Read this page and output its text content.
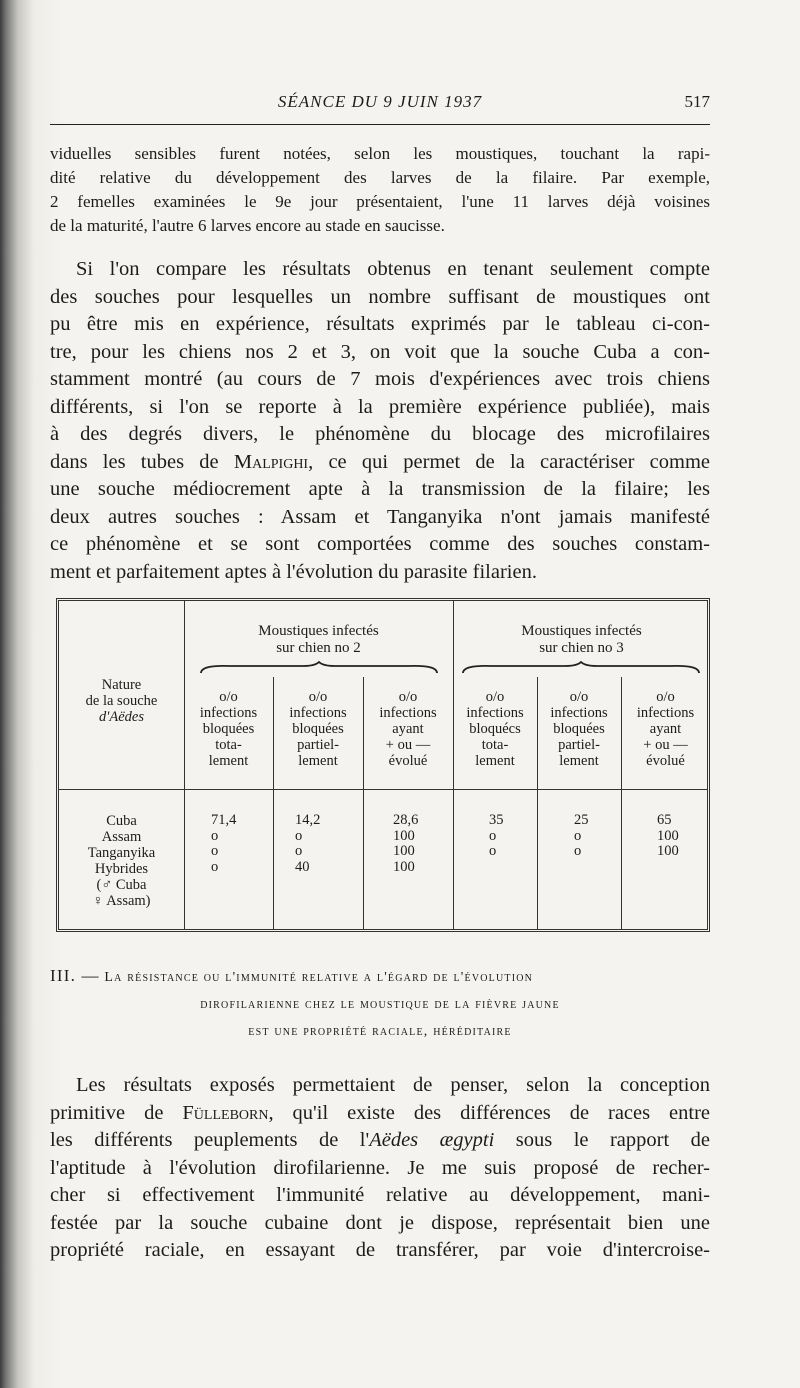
SÉANCE DU 9 JUIN 1937	517
viduelles sensibles furent notées, selon les moustiques, touchant la rapi-
dité relative du développement des larves de la filaire. Par exemple,
2 femelles examinées le 9e jour présentaient, l'une 11 larves déjà voisines
de la maturité, l'autre 6 larves encore au stade en saucisse.
Si l'on compare les résultats obtenus en tenant seulement compte
des souches pour lesquelles un nombre suffisant de moustiques ont
pu être mis en expérience, résultats exprimés par le tableau ci-con-
tre, pour les chiens nos 2 et 3, on voit que la souche Cuba a con-
stamment montré (au cours de 7 mois d'expériences avec trois chiens
différents, si l'on se reporte à la première expérience publiée), mais
à des degrés divers, le phénomène du blocage des microfilaires
dans les tubes de Malpighi, ce qui permet de la caractériser comme
une souche médiocrement apte à la transmission de la filaire; les
deux autres souches : Assam et Tanganyika n'ont jamais manifesté
ce phénomène et se sont comportées comme des souches constam-
ment et parfaitement aptes à l'évolution du parasite filarien.
Nature
de la souche
d'Aëdes
Moustiques infectés
sur chien no 2
Moustiques infectés
sur chien no 3
o/o
infections
bloquées
tota-
lement
o/o
infections
bloquées
partiel-
lement
o/o
infections
ayant
+ ou —
évolué
o/o
infections
bloquécs
tota-
lement
o/o
infections
bloquées
partiel-
lement
o/o
infections
ayant
+ ou —
évolué
Cuba
Assam
Tanganyika
Hybrides
(♂ Cuba
♀ Assam)
71,4
o
o
o
14,2
o
o
40
28,6
100
100
100
35
o
o
25
o
o
65
100
100
III. — La résistance ou l'immunité relative a l'égard de l'évolution
dirofilarienne chez le moustique de la fièvre jaune
est une propriété raciale, héréditaire
Les résultats exposés permettaient de penser, selon la conception
primitive de Fülleborn, qu'il existe des différences de races entre
les différents peuplements de l'Aëdes ægypti sous le rapport de
l'aptitude à l'évolution dirofilarienne. Je me suis proposé de recher-
cher si effectivement l'immunité relative au développement, mani-
festée par la souche cubaine dont je dispose, représentait bien une
propriété raciale, en essayant de transférer, par voie d'intercroise-
